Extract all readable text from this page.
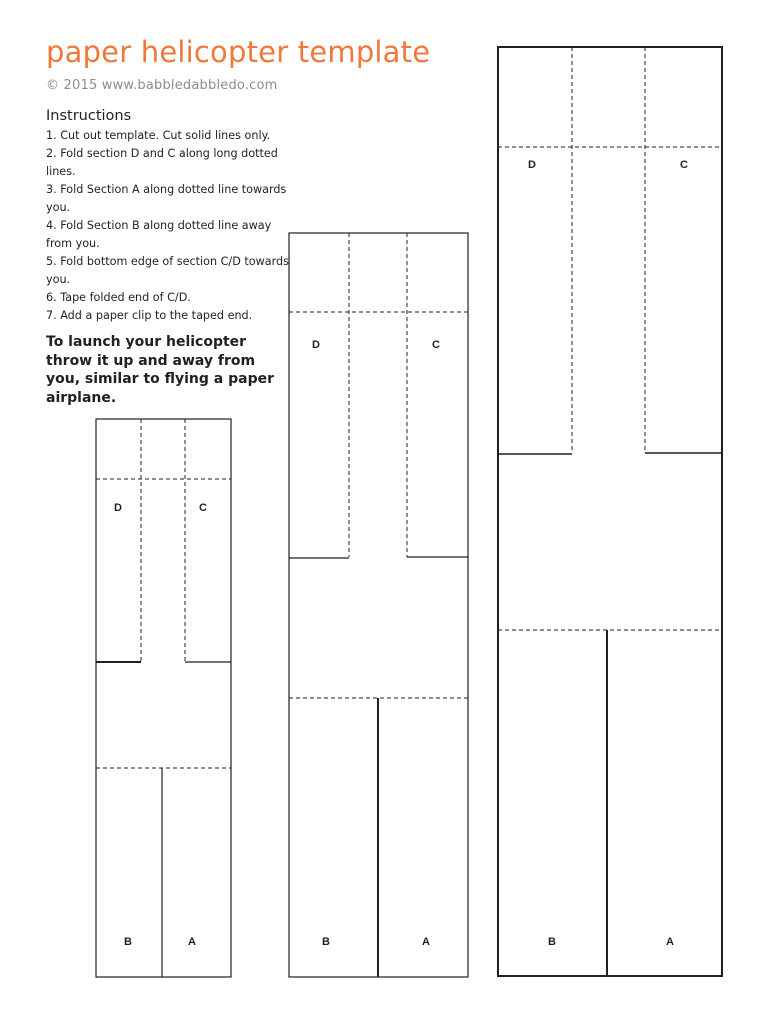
paper helicopter template
© 2015 www.babbledabbledo.com
Instructions
1. Cut out template. Cut solid lines only.
2. Fold section D and C along long dotted lines.
3. Fold Section A along dotted line towards you.
4. Fold Section B along dotted line away from you.
5. Fold bottom edge of section C/D towards you.
6. Tape folded end of C/D.
7. Add a paper clip to the taped end.

To launch your helicopter throw it up and away from you, similar to flying a paper airplane.

D	C
B	A
D	C
B	A
D	C
B	A
